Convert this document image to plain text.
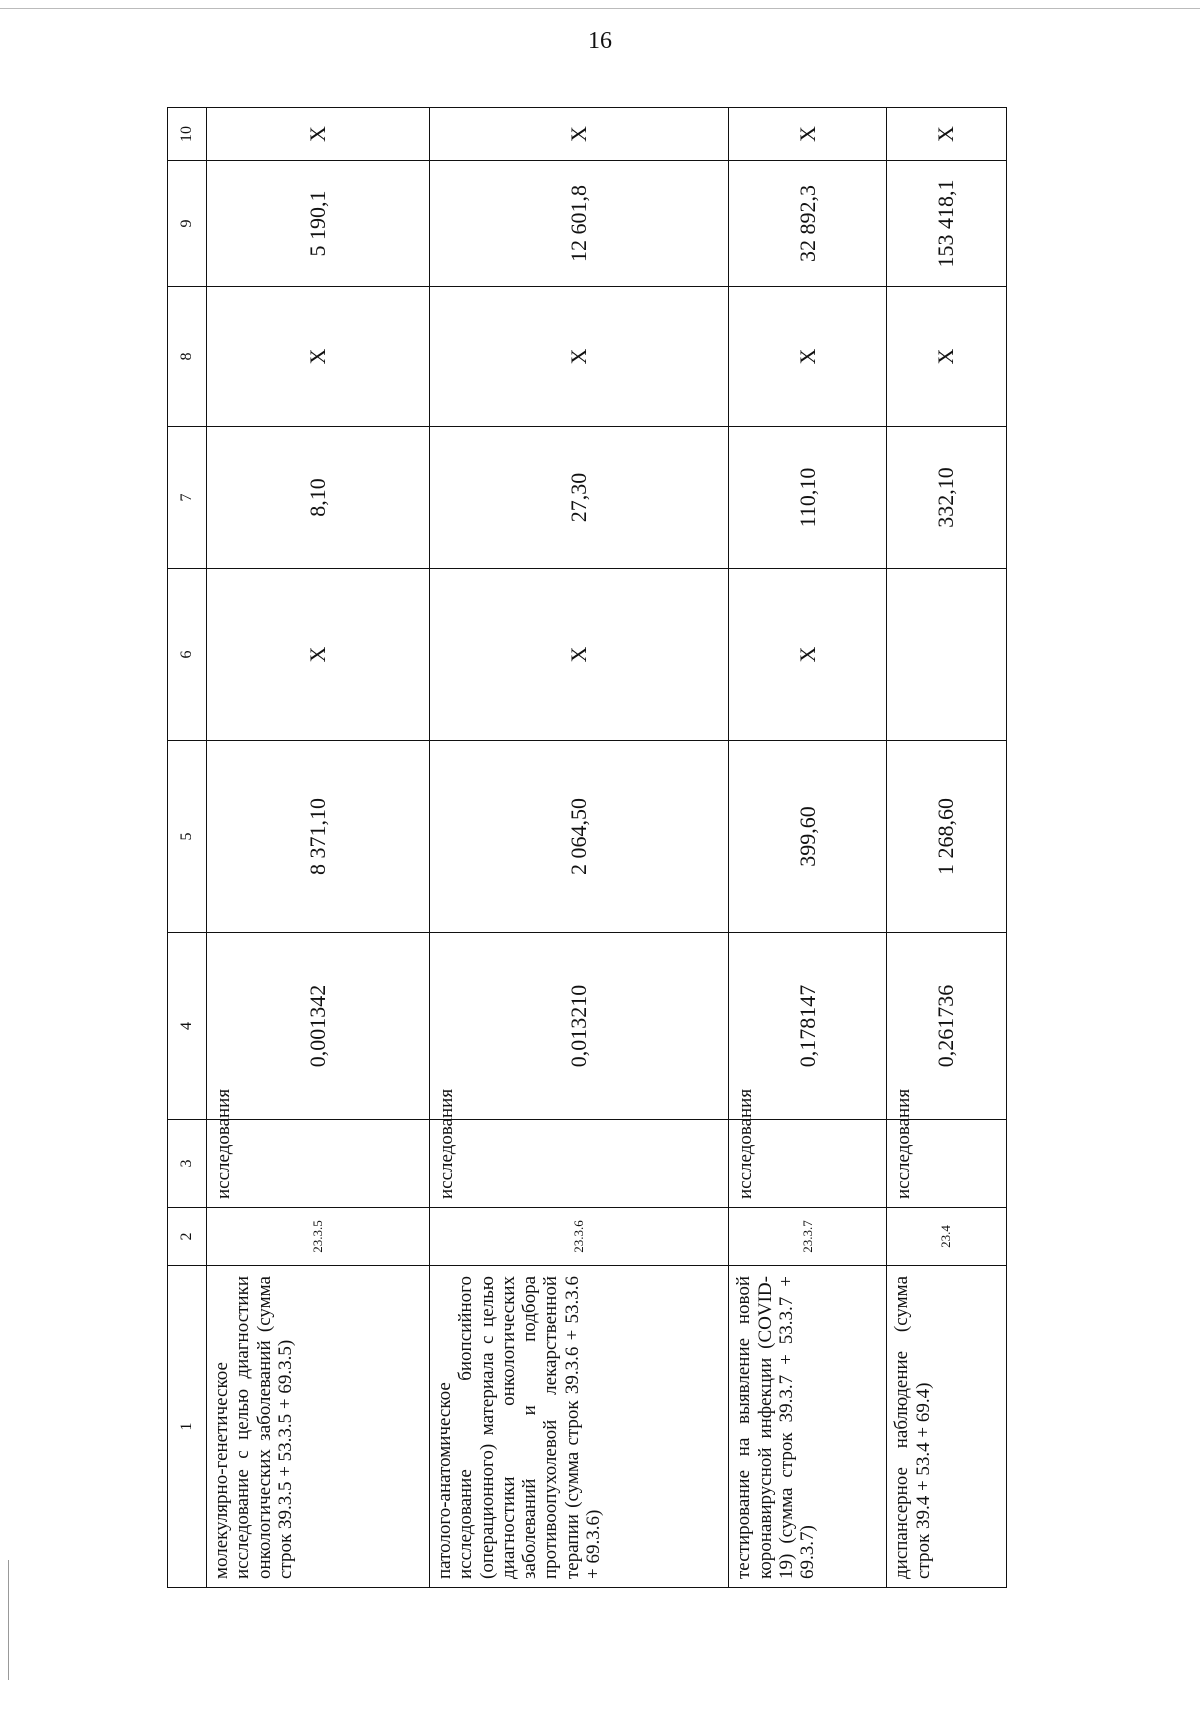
16
1	2	3	4	5	6	7	8	9	10
молекулярно-генетическое исследование с целью диагностики онкологических заболеваний (сумма строк 39.3.5 + 53.3.5 + 69.3.5)	23.3.5	исследования	0,001342	8 371,10	Х	8,10	Х	5 190,1	Х
патолого-анатомическое исследование биопсийного (операционного) материала с целью диагностики онкологических заболеваний и подбора противоопухолевой лекарственной терапии (сумма строк 39.3.6 + 53.3.6 + 69.3.6)	23.3.6	исследования	0,013210	2 064,50	Х	27,30	Х	12 601,8	Х
тестирование на выявление новой коронавирусной инфекции (COVID-19) (сумма строк 39.3.7 + 53.3.7 + 69.3.7)	23.3.7	исследования	0,178147	399,60	Х	110,10	Х	32 892,3	Х
диспансерное наблюдение (сумма строк 39.4 + 53.4 + 69.4)	23.4	исследования	0,261736	1 268,60		332,10	Х	153 418,1	Х
